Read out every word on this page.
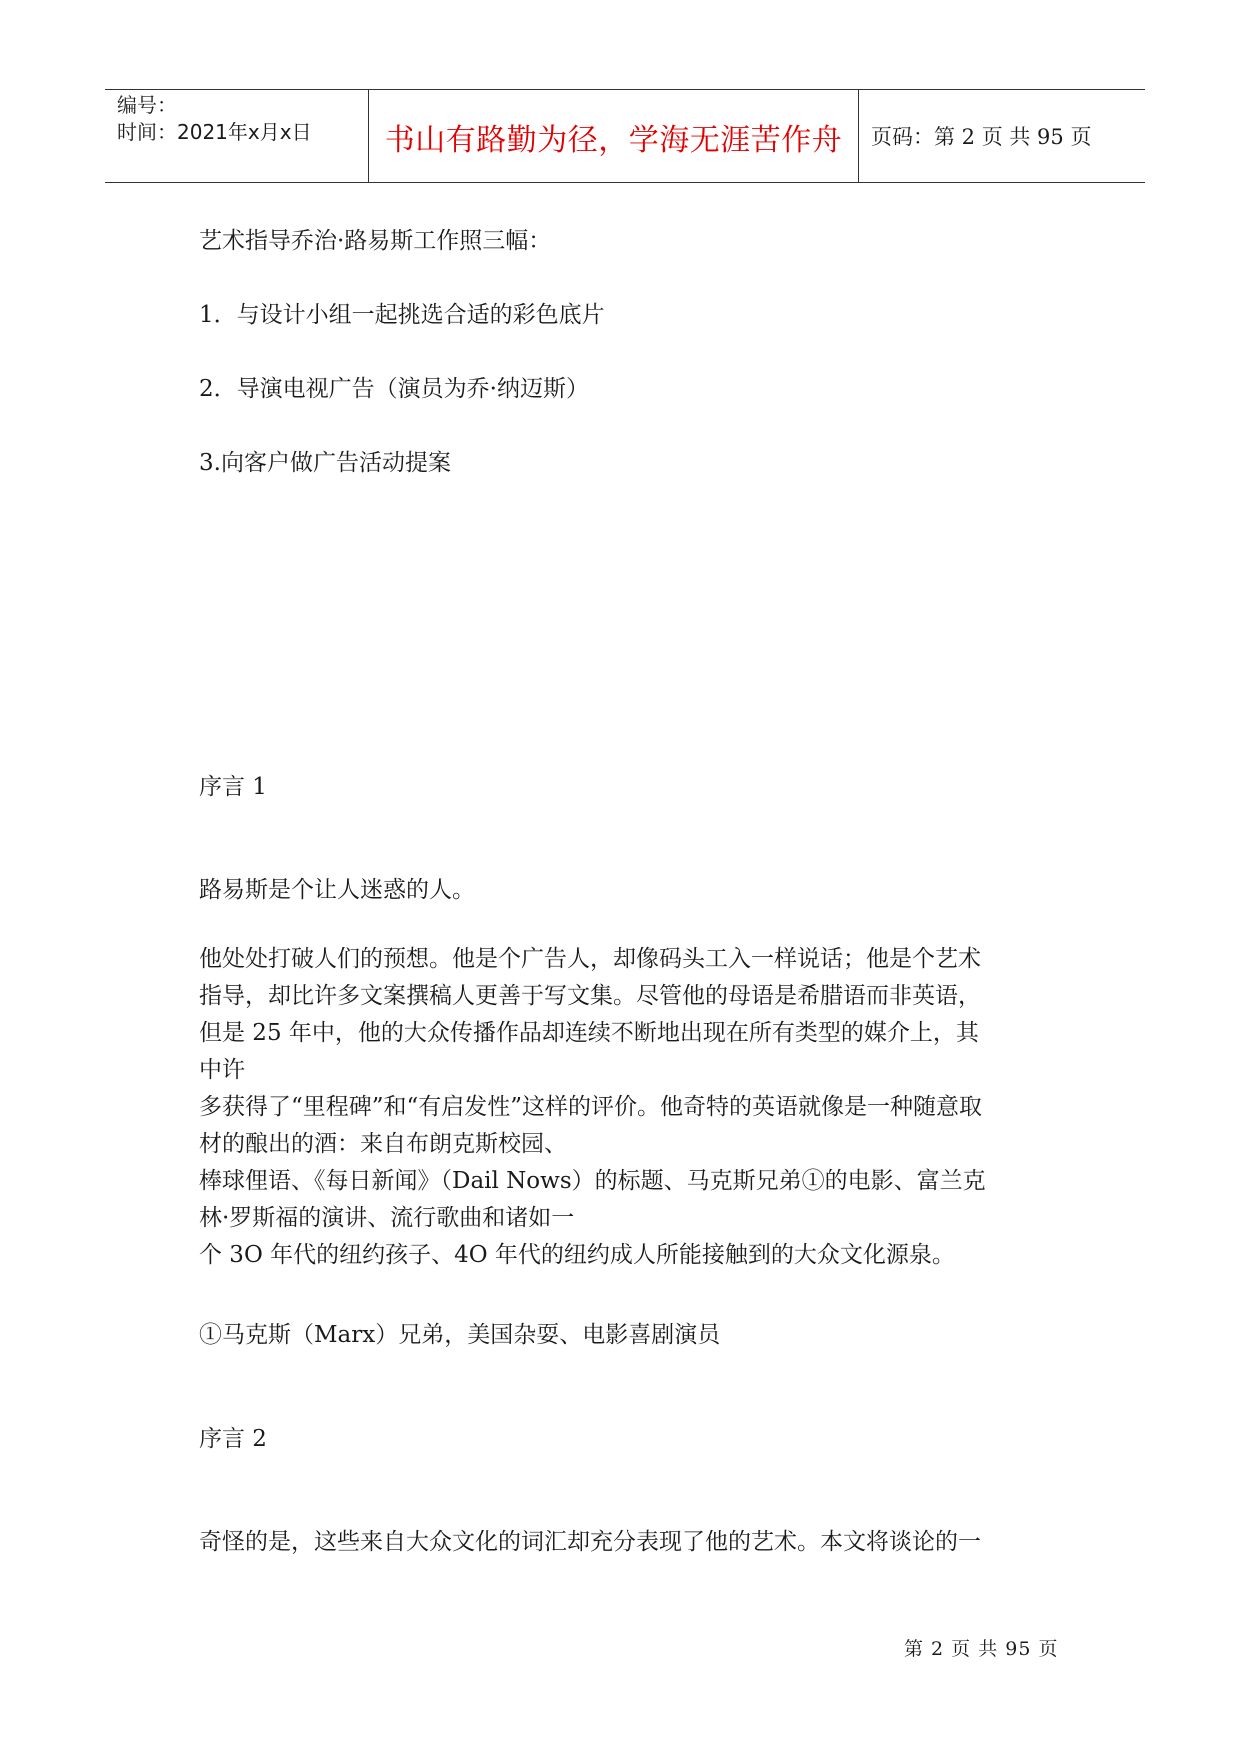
编号：
时间：2021年x月x日	书山有路勤为径，学海无涯苦作舟	页码：第 2 页 共 95 页

艺术指导乔治·路易斯工作照三幅：

1．与设计小组一起挑选合适的彩色底片

2．导演电视广告（演员为乔·纳迈斯）

3.向客户做广告活动提案

序言 1

路易斯是个让人迷惑的人。

他处处打破人们的预想。他是个广告人，却像码头工入一样说话；他是个艺术
指导，却比许多文案撰稿人更善于写文集。尽管他的母语是希腊语而非英语，
但是 25 年中，他的大众传播作品却连续不断地出现在所有类型的媒介上，其
中许
多获得了“里程碑”和“有启发性”这样的评价。他奇特的英语就像是一种随意取
材的酿出的酒：来自布朗克斯校园、
棒球俚语、《每日新闻》（Dail Nows）的标题、马克斯兄弟①的电影、富兰克
林·罗斯福的演讲、流行歌曲和诸如一
个 3O 年代的纽约孩子、4O 年代的纽约成人所能接触到的大众文化源泉。

①马克斯（Marx）兄弟，美国杂耍、电影喜剧演员

序言 2

奇怪的是，这些来自大众文化的词汇却充分表现了他的艺术。本文将谈论的一

第 2 页 共 95 页
